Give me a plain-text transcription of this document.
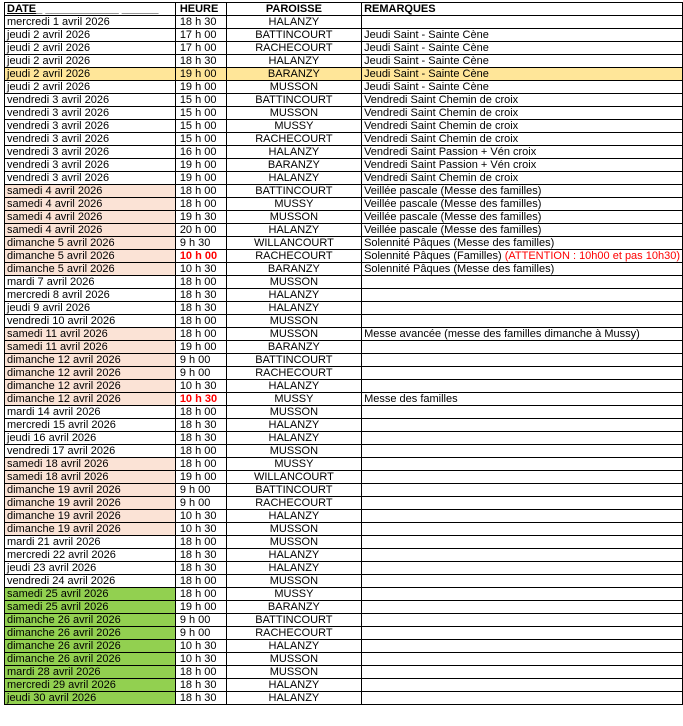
DATE_ ____________ ______	HEURE	PAROISSE	REMARQUES
mercredi 1 avril 2026	18 h 30	HALANZY	
jeudi 2 avril 2026	17 h 00	BATTINCOURT	Jeudi Saint - Sainte Cène
jeudi 2 avril 2026	17 h 00	RACHECOURT	Jeudi Saint - Sainte Cène
jeudi 2 avril 2026	18 h 30	HALANZY	Jeudi Saint - Sainte Cène
jeudi 2 avril 2026	19 h 00	BARANZY	Jeudi Saint - Sainte Cène
jeudi 2 avril 2026	19 h 00	MUSSON	Jeudi Saint - Sainte Cène
vendredi 3 avril 2026	15 h 00	BATTINCOURT	Vendredi Saint Chemin de croix
vendredi 3 avril 2026	15 h 00	MUSSON	Vendredi Saint Chemin de croix
vendredi 3 avril 2026	15 h 00	MUSSY	Vendredi Saint Chemin de croix
vendredi 3 avril 2026	15 h 00	RACHECOURT	Vendredi Saint Chemin de croix
vendredi 3 avril 2026	16 h 00	HALANZY	Vendredi Saint Passion + Vén croix
vendredi 3 avril 2026	19 h 00	BARANZY	Vendredi Saint Passion + Vén croix
vendredi 3 avril 2026	19 h 00	HALANZY	Vendredi Saint Chemin de croix
samedi 4 avril 2026	18 h 00	BATTINCOURT	Veillée pascale (Messe des familles)
samedi 4 avril 2026	18 h 00	MUSSY	Veillée pascale (Messe des familles)
samedi 4 avril 2026	19 h 30	MUSSON	Veillée pascale (Messe des familles)
samedi 4 avril 2026	20 h 00	HALANZY	Veillée pascale (Messe des familles)
dimanche 5 avril 2026	9 h 30	WILLANCOURT	Solennité Pâques (Messe des familles)
dimanche 5 avril 2026	10 h 00	RACHECOURT	Solennité Pâques (Familles) (ATTENTION : 10h00 et pas 10h30)
dimanche 5 avril 2026	10 h 30	BARANZY	Solennité Pâques (Messe des familles)
mardi 7 avril 2026	18 h 00	MUSSON	
mercredi 8 avril 2026	18 h 30	HALANZY	
jeudi 9 avril 2026	18 h 30	HALANZY	
vendredi 10 avril 2026	18 h 00	MUSSON	
samedi 11 avril 2026	18 h 00	MUSSON	Messe avancée (messe des familles dimanche à Mussy)
samedi 11 avril 2026	19 h 00	BARANZY	
dimanche 12 avril 2026	9 h 00	BATTINCOURT	
dimanche 12 avril 2026	9 h 00	RACHECOURT	
dimanche 12 avril 2026	10 h 30	HALANZY	
dimanche 12 avril 2026	10 h 30	MUSSY	Messe des familles
mardi 14 avril 2026	18 h 00	MUSSON	
mercredi 15 avril 2026	18 h 30	HALANZY	
jeudi 16 avril 2026	18 h 30	HALANZY	
vendredi 17 avril 2026	18 h 00	MUSSON	
samedi 18 avril 2026	18 h 00	MUSSY	
samedi 18 avril 2026	19 h 00	WILLANCOURT	
dimanche 19 avril 2026	9 h 00	BATTINCOURT	
dimanche 19 avril 2026	9 h 00	RACHECOURT	
dimanche 19 avril 2026	10 h 30	HALANZY	
dimanche 19 avril 2026	10 h 30	MUSSON	
mardi 21 avril 2026	18 h 00	MUSSON	
mercredi 22 avril 2026	18 h 30	HALANZY	
jeudi 23 avril 2026	18 h 30	HALANZY	
vendredi 24 avril 2026	18 h 00	MUSSON	
samedi 25 avril 2026	18 h 00	MUSSY	
samedi 25 avril 2026	19 h 00	BARANZY	
dimanche 26 avril 2026	9 h 00	BATTINCOURT	
dimanche 26 avril 2026	9 h 00	RACHECOURT	
dimanche 26 avril 2026	10 h 30	HALANZY	
dimanche 26 avril 2026	10 h 30	MUSSON	
mardi 28 avril 2026	18 h 00	MUSSON	
mercredi 29 avril 2026	18 h 30	HALANZY	
jeudi 30 avril 2026	18 h 30	HALANZY	
